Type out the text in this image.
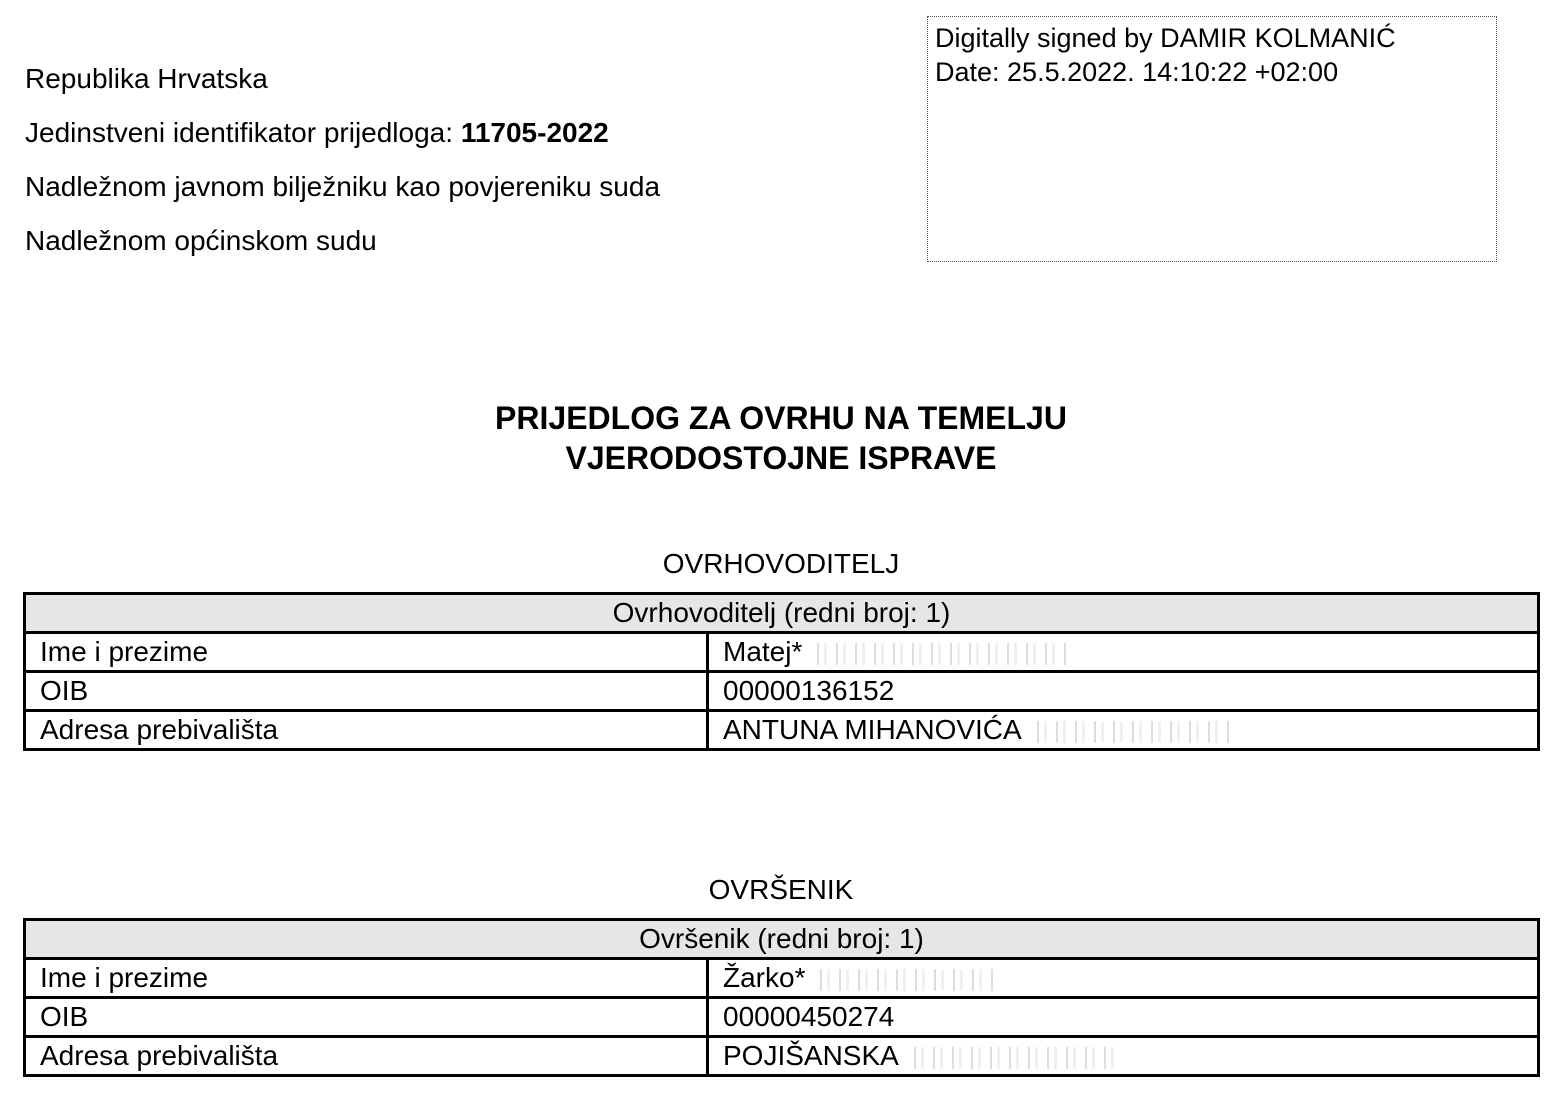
Republika Hrvatska
Jedinstveni identifikator prijedloga: 11705-2022
Nadležnom javnom bilježniku kao povjereniku suda
Nadležnom općinskom sudu
Digitally signed by DAMIR KOLMANIĆ
Date: 25.5.2022. 14:10:22 +02:00
PRIJEDLOG ZA OVRHU NA TEMELJU
VJERODOSTOJNE ISPRAVE
OVRHOVODITELJ
Ovrhovoditelj (redni broj: 1)	
Ime i prezime	Matej*
OIB	00000136152
Adresa prebivališta	ANTUNA MIHANOVIĆA
OVRŠENIK
Ovršenik (redni broj: 1)	
Ime i prezime	Žarko*
OIB	00000450274
Adresa prebivališta	POJIŠANSKA
